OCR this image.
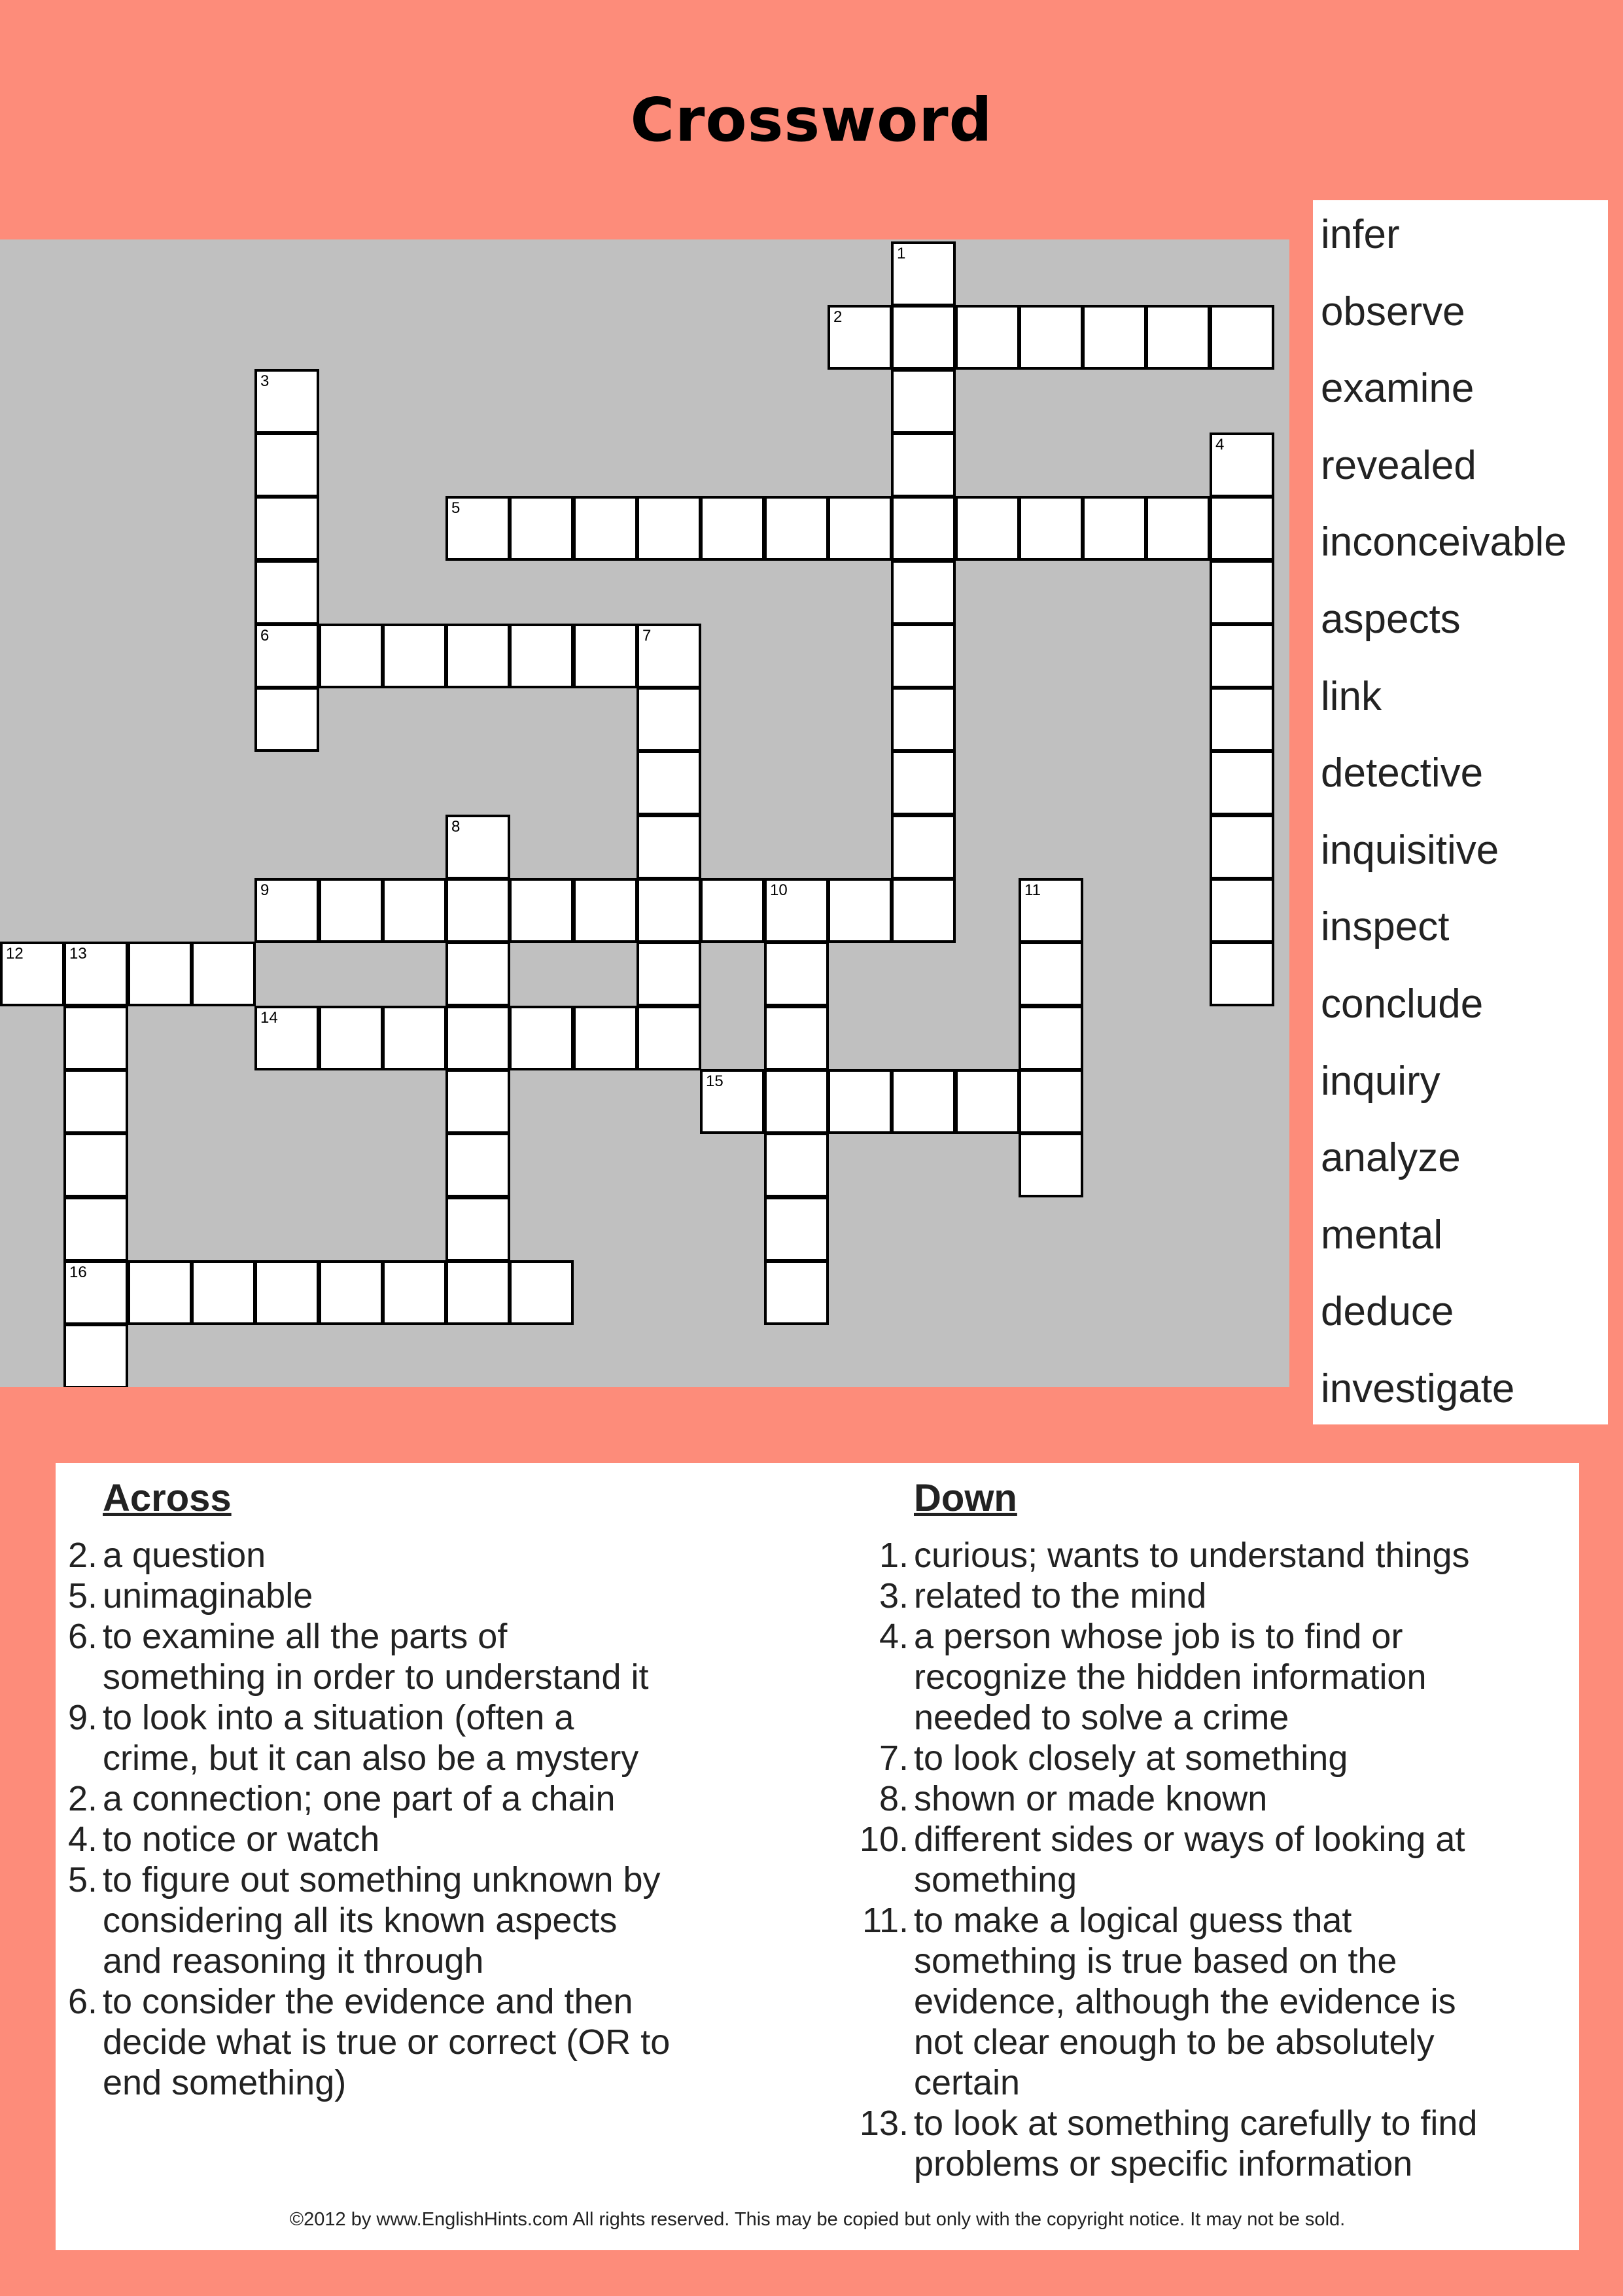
Crossword
1
2
3
4
5
6	7
8
9	10	11
12	13
14
15
16
infer
observe
examine
revealed
inconceivable
aspects
link
detective
inquisitive
inspect
conclude
inquiry
analyze
mental
deduce
investigate
Across	Down
2. a question
5. unimaginable
6. to examine all the parts of
something in order to understand it
9. to look into a situation (often a
crime, but it can also be a mystery
2. a connection; one part of a chain
4. to notice or watch
5. to figure out something unknown by
considering all its known aspects
and reasoning it through
6. to consider the evidence and then
decide what is true or correct (OR to
end something)
1. curious; wants to understand things
3. related to the mind
4. a person whose job is to find or
recognize the hidden information
needed to solve a crime
7. to look closely at something
8. shown or made known
10. different sides or ways of looking at
something
11. to make a logical guess that
something is true based on the
evidence, although the evidence is
not clear enough to be absolutely
certain
13. to look at something carefully to find
problems or specific information
©2012 by www.EnglishHints.com All rights reserved. This may be copied but only with the copyright notice. It may not be sold.
